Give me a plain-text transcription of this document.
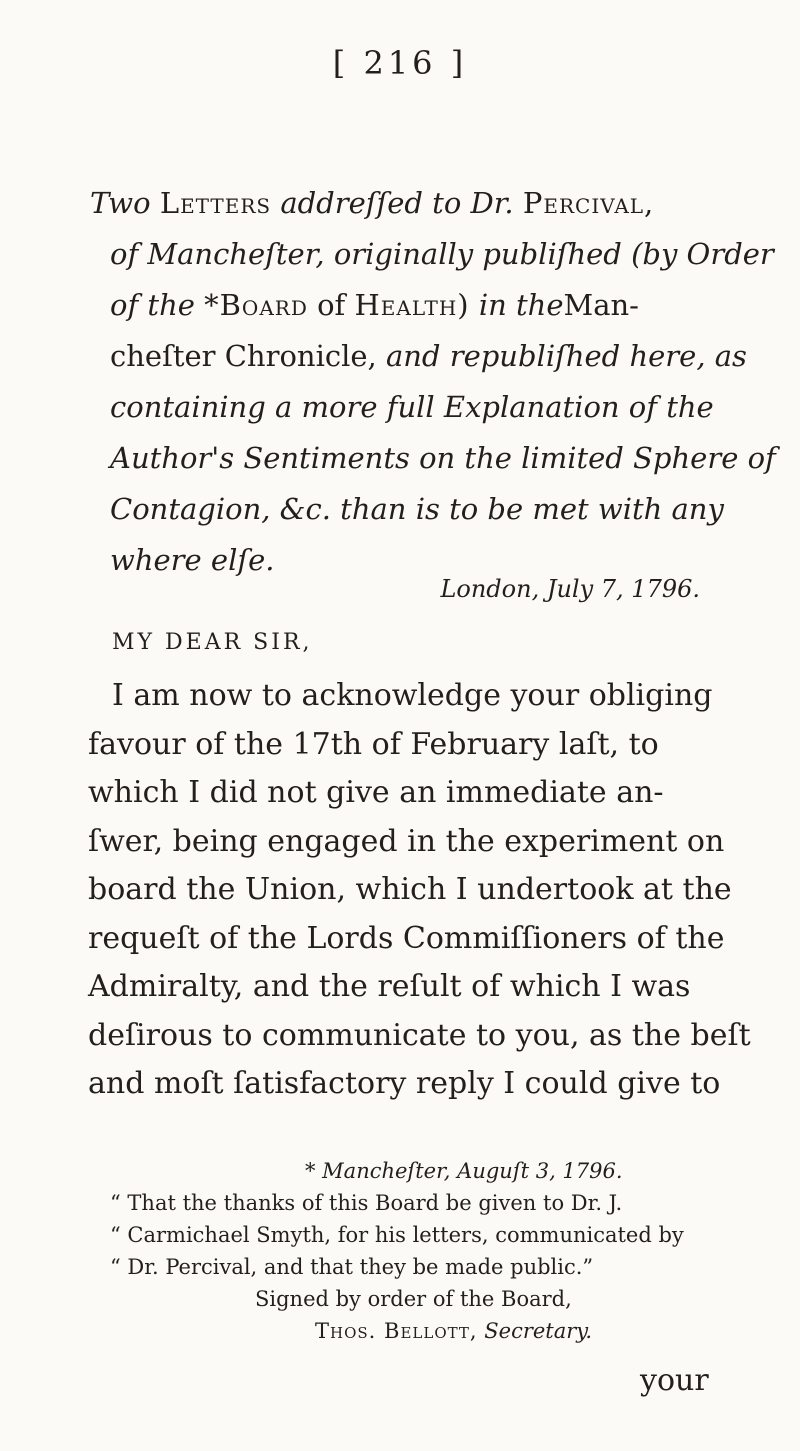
[ 216 ]
Two Letters addreſſed to Dr. Percival,
of Mancheſter, originally publiſhed (by Order
of the *Board of Health) in theMan-
cheſter Chronicle, and republiſhed here, as
containing a more full Explanation of the
Author's Sentiments on the limited Sphere of
Contagion, &c. than is to be met with any
where elſe.
London, July 7, 1796.
MY DEAR SIR,
I am now to acknowledge your obliging
favour of the 17th of February laſt, to
which I did not give an immediate an-
ſwer, being engaged in the experiment on
board the Union, which I undertook at the
requeſt of the Lords Commiſſioners of the
Admiralty, and the reſult of which I was
deſirous to communicate to you, as the beſt
and moſt ſatisfactory reply I could give to
* Mancheſter, Auguſt 3, 1796.
“ That the thanks of this Board be given to Dr. J.
“ Carmichael Smyth, for his letters, communicated by
“ Dr. Percival, and that they be made public.”
Signed by order of the Board,
Thos. Bellott, Secretary.
your
